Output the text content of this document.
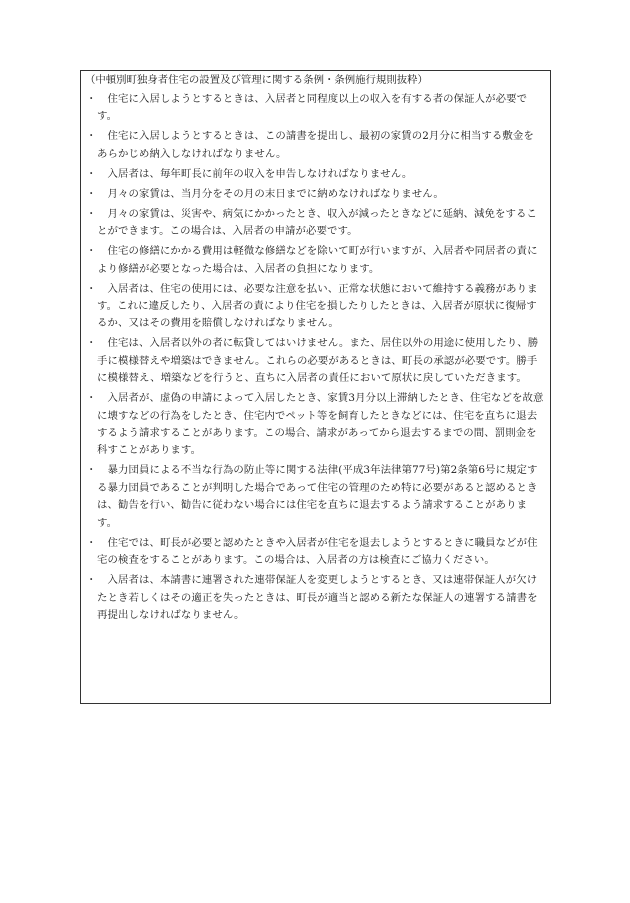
（中頓別町独身者住宅の設置及び管理に関する条例・条例施行規則抜粋）
・ 　住宅に入居しようとするときは、入居者と同程度以上の収入を有する者の保証人が必要です。
・ 　住宅に入居しようとするときは、この請書を提出し、最初の家賃の2月分に相当する敷金をあらかじめ納入しなければなりません。
・ 　入居者は、毎年町長に前年の収入を申告しなければなりません。
・ 　月々の家賃は、当月分をその月の末日までに納めなければなりません。
・ 　月々の家賃は、災害や、病気にかかったとき、収入が減ったときなどに延納、減免をすることができます。この場合は、入居者の申請が必要です。
・ 　住宅の修繕にかかる費用は軽微な修繕などを除いて町が行いますが、入居者や同居者の責により修繕が必要となった場合は、入居者の負担になります。
・ 　入居者は、住宅の使用には、必要な注意を払い、正常な状態において維持する義務があります。これに違反したり、入居者の責により住宅を損したりしたときは、入居者が原状に復帰するか、又はその費用を賠償しなければなりません。
・ 　住宅は、入居者以外の者に転貸してはいけません。また、居住以外の用途に使用したり、勝手に模様替えや増築はできません。これらの必要があるときは、町長の承認が必要です。勝手に模様替え、増築などを行うと、直ちに入居者の責任において原状に戻していただきます。
・ 　入居者が、虚偽の申請によって入居したとき、家賃3月分以上滞納したとき、住宅などを故意に壊すなどの行為をしたとき、住宅内でペット等を飼育したときなどには、住宅を直ちに退去するよう請求することがあります。この場合、請求があってから退去するまでの間、罰則金を科すことがあります。
・ 　暴力団員による不当な行為の防止等に関する法律(平成3年法律第77号)第2条第6号に規定する暴力団員であることが判明した場合であって住宅の管理のため特に必要があると認めるときは、勧告を行い、勧告に従わない場合には住宅を直ちに退去するよう請求することがあります。
・ 　住宅では、町長が必要と認めたときや入居者が住宅を退去しようとするときに職員などが住宅の検査をすることがあります。この場合は、入居者の方は検査にご協力ください。
・ 　入居者は、本請書に連署された連帯保証人を変更しようとするとき、又は連帯保証人が欠けたとき若しくはその適正を失ったときは、町長が適当と認める新たな保証人の連署する請書を再提出しなければなりません。
